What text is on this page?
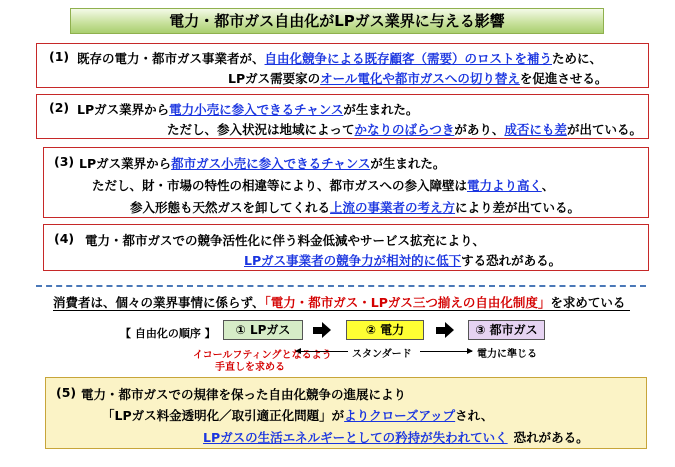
電力・都市ガス自由化がLPガス業界に与える影響
(1) 既存の電力・都市ガス事業者が、自由化競争による既存顧客（需要）のロストを補うために、
LPガス需要家のオール電化や都市ガスへの切り替えを促進させる。
(2) LPガス業界から電力小売に参入できるチャンスが生まれた。
ただし、参入状況は地域によってかなりのばらつきがあり、成否にも差が出ている。
(3) LPガス業界から都市ガス小売に参入できるチャンスが生まれた。
ただし、財・市場の特性の相違等により、都市ガスへの参入障壁は電力より高く、
参入形態も天然ガスを卸してくれる上流の事業者の考え方により差が出ている。
(4) 電力・都市ガスでの競争活性化に伴う料金低減やサービス拡充により、
LPガス事業者の競争力が相対的に低下する恐れがある。
消費者は、個々の業界事情に係らず、「電力・都市ガス・LPガス三つ揃えの自由化制度」を求めている
【 自由化の順序 】	① LPガス	② 電力	③ 都市ガス
イコールフティングとなるよう
手直しを求める
スタンダード	電力に準じる
(5) 電力・都市ガスでの規律を保った自由化競争の進展により
「LPガス料金透明化／取引適正化問題」がよりクローズアップされ、
LPガスの生活エネルギーとしての矜持が失われていく 恐れがある。
